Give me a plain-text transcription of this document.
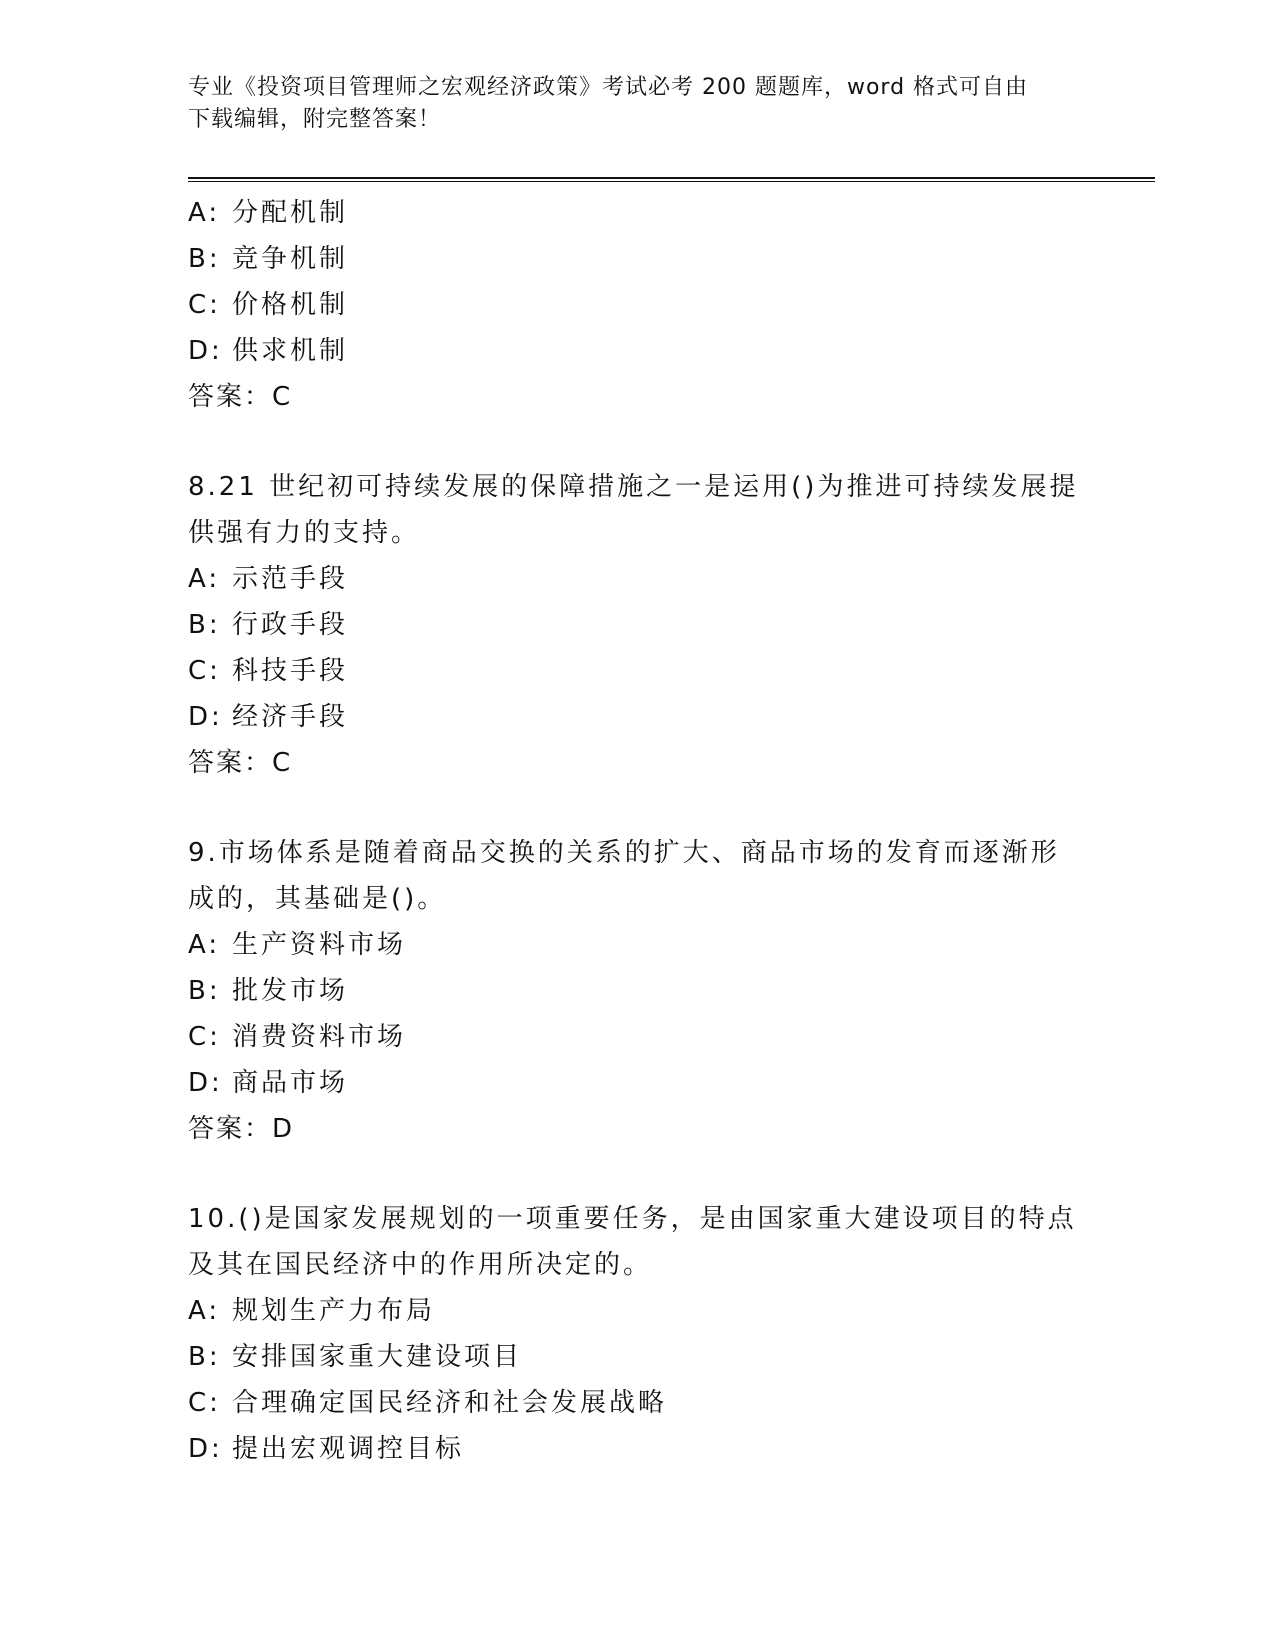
专业《投资项目管理师之宏观经济政策》考试必考 200 题题库，word 格式可自由
下载编辑，附完整答案！
A: 分配机制
B: 竞争机制
C: 价格机制
D: 供求机制
答案：C
8.21 世纪初可持续发展的保障措施之一是运用()为推进可持续发展提
供强有力的支持。
A: 示范手段
B: 行政手段
C: 科技手段
D: 经济手段
答案：C
9.市场体系是随着商品交换的关系的扩大、商品市场的发育而逐渐形
成的，其基础是()。
A: 生产资料市场
B: 批发市场
C: 消费资料市场
D: 商品市场
答案：D
10.()是国家发展规划的一项重要任务，是由国家重大建设项目的特点
及其在国民经济中的作用所决定的。
A: 规划生产力布局
B: 安排国家重大建设项目
C: 合理确定国民经济和社会发展战略
D: 提出宏观调控目标
